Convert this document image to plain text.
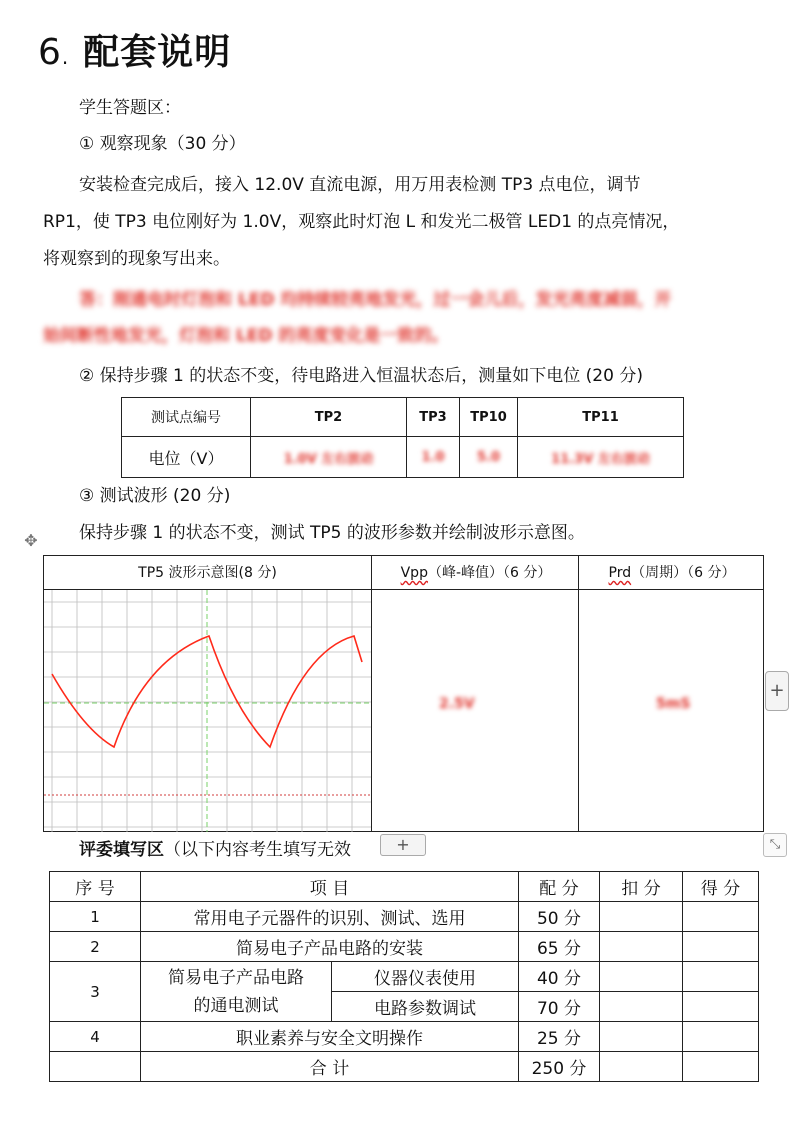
6. 配套说明
学生答题区：
① 观察现象（30 分）
安装检查完成后，接入 12.0V 直流电源，用万用表检测 TP3 点电位，调节
RP1，使 TP3 电位刚好为 1.0V，观察此时灯泡 L 和发光二极管 LED1 的点亮情况，
将观察到的现象写出来。
答：刚通电时灯泡和 LED 均持续较亮地发光，过一会儿后，发光亮度减弱，开
始间断性地发光，灯泡和 LED 的亮度变化是一致的。
② 保持步骤 1 的状态不变，待电路进入恒温状态后，测量如下电位 (20 分)
测试点编号	TP2	TP3	TP10	TP11
电位（V）	1.0V 左右波动	1.0	5.0	11.3V 左右波动
③ 测试波形 (20 分)
保持步骤 1 的状态不变，测试 TP5 的波形参数并绘制波形示意图。
✥
TP5 波形示意图(8 分)	Vpp（峰-峰值）（6 分）	Prd（周期）（6 分）
2.5V	5mS
+
⤡
评委填写区（以下内容考生填写无效	+
序 号	项 目		配 分	扣 分	得 分
1	常用电子元器件的识别、测试、选用		50 分		
2	简易电子产品电路的安装		65 分		
3	简易电子产品电路
的通电测试	仪器仪表使用	40 分		
		电路参数调试	70 分		
4	职业素养与安全文明操作		25 分		
	合 计		250 分		
